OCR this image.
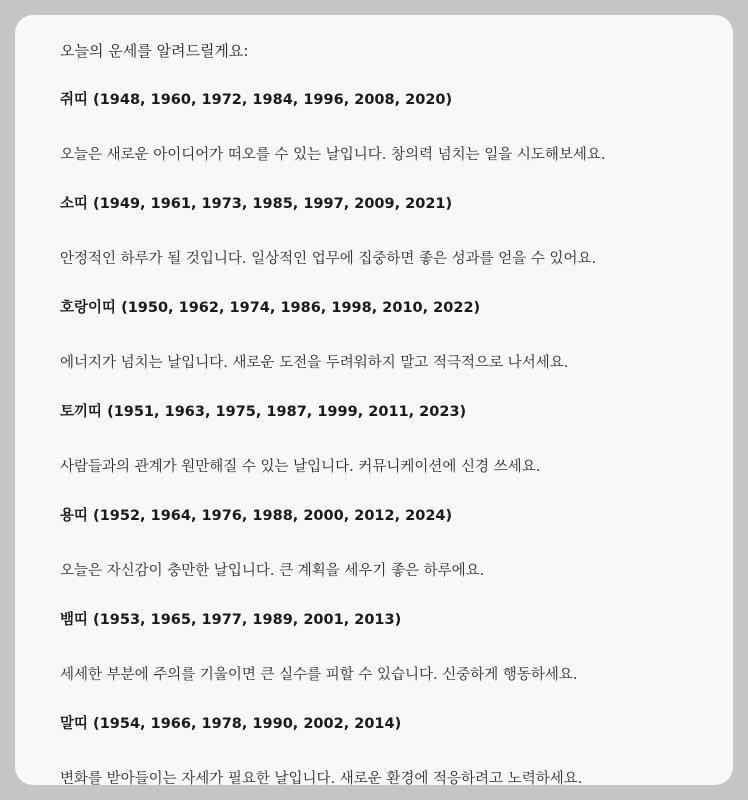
오늘의 운세를 알려드릴게요:
쥐띠 (1948, 1960, 1972, 1984, 1996, 2008, 2020)
오늘은 새로운 아이디어가 떠오를 수 있는 날입니다. 창의력 넘치는 일을 시도해보세요.
소띠 (1949, 1961, 1973, 1985, 1997, 2009, 2021)
안정적인 하루가 될 것입니다. 일상적인 업무에 집중하면 좋은 성과를 얻을 수 있어요.
호랑이띠 (1950, 1962, 1974, 1986, 1998, 2010, 2022)
에너지가 넘치는 날입니다. 새로운 도전을 두려워하지 말고 적극적으로 나서세요.
토끼띠 (1951, 1963, 1975, 1987, 1999, 2011, 2023)
사람들과의 관계가 원만해질 수 있는 날입니다. 커뮤니케이션에 신경 쓰세요.
용띠 (1952, 1964, 1976, 1988, 2000, 2012, 2024)
오늘은 자신감이 충만한 날입니다. 큰 계획을 세우기 좋은 하루에요.
뱀띠 (1953, 1965, 1977, 1989, 2001, 2013)
세세한 부분에 주의를 기울이면 큰 실수를 피할 수 있습니다. 신중하게 행동하세요.
말띠 (1954, 1966, 1978, 1990, 2002, 2014)
변화를 받아들이는 자세가 필요한 날입니다. 새로운 환경에 적응하려고 노력하세요.
